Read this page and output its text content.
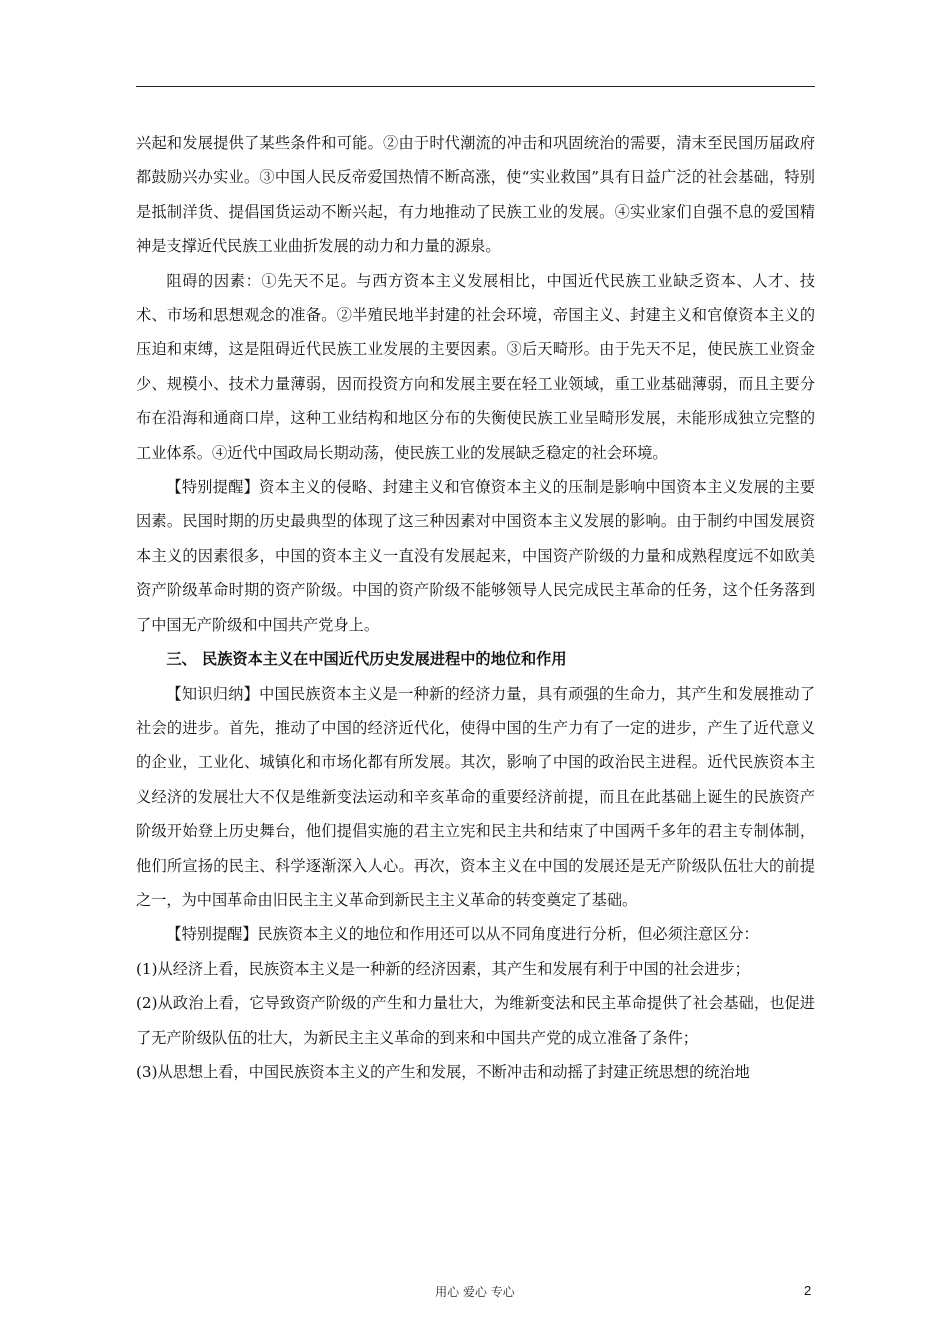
兴起和发展提供了某些条件和可能。②由于时代潮流的冲击和巩固统治的需要，清末至民国历届政府都鼓励兴办实业。③中国人民反帝爱国热情不断高涨，使“实业救国”具有日益广泛的社会基础，特别是抵制洋货、提倡国货运动不断兴起，有力地推动了民族工业的发展。④实业家们自强不息的爱国精神是支撑近代民族工业曲折发展的动力和力量的源泉。

阻碍的因素：①先天不足。与西方资本主义发展相比，中国近代民族工业缺乏资本、人才、技术、市场和思想观念的准备。②半殖民地半封建的社会环境，帝国主义、封建主义和官僚资本主义的压迫和束缚，这是阻碍近代民族工业发展的主要因素。③后天畸形。由于先天不足，使民族工业资金少、规模小、技术力量薄弱，因而投资方向和发展主要在轻工业领域，重工业基础薄弱，而且主要分布在沿海和通商口岸，这种工业结构和地区分布的失衡使民族工业呈畸形发展，未能形成独立完整的工业体系。④近代中国政局长期动荡，使民族工业的发展缺乏稳定的社会环境。

【特别提醒】资本主义的侵略、封建主义和官僚资本主义的压制是影响中国资本主义发展的主要因素。民国时期的历史最典型的体现了这三种因素对中国资本主义发展的影响。由于制约中国发展资本主义的因素很多，中国的资本主义一直没有发展起来，中国资产阶级的力量和成熟程度远不如欧美资产阶级革命时期的资产阶级。中国的资产阶级不能够领导人民完成民主革命的任务，这个任务落到了中国无产阶级和中国共产党身上。

三、 民族资本主义在中国近代历史发展进程中的地位和作用

【知识归纳】中国民族资本主义是一种新的经济力量，具有顽强的生命力，其产生和发展推动了社会的进步。首先，推动了中国的经济近代化，使得中国的生产力有了一定的进步，产生了近代意义的企业，工业化、城镇化和市场化都有所发展。其次，影响了中国的政治民主进程。近代民族资本主义经济的发展壮大不仅是维新变法运动和辛亥革命的重要经济前提，而且在此基础上诞生的民族资产阶级开始登上历史舞台，他们提倡实施的君主立宪和民主共和结束了中国两千多年的君主专制体制，他们所宣扬的民主、科学逐渐深入人心。再次，资本主义在中国的发展还是无产阶级队伍壮大的前提之一，为中国革命由旧民主主义革命到新民主主义革命的转变奠定了基础。

【特别提醒】民族资本主义的地位和作用还可以从不同角度进行分析，但必须注意区分：

(1)从经济上看，民族资本主义是一种新的经济因素，其产生和发展有利于中国的社会进步；

(2)从政治上看，它导致资产阶级的产生和力量壮大，为维新变法和民主革命提供了社会基础，也促进了无产阶级队伍的壮大，为新民主主义革命的到来和中国共产党的成立准备了条件；

(3)从思想上看，中国民族资本主义的产生和发展，不断冲击和动摇了封建正统思想的统治地

用心 爱心 专心	2
